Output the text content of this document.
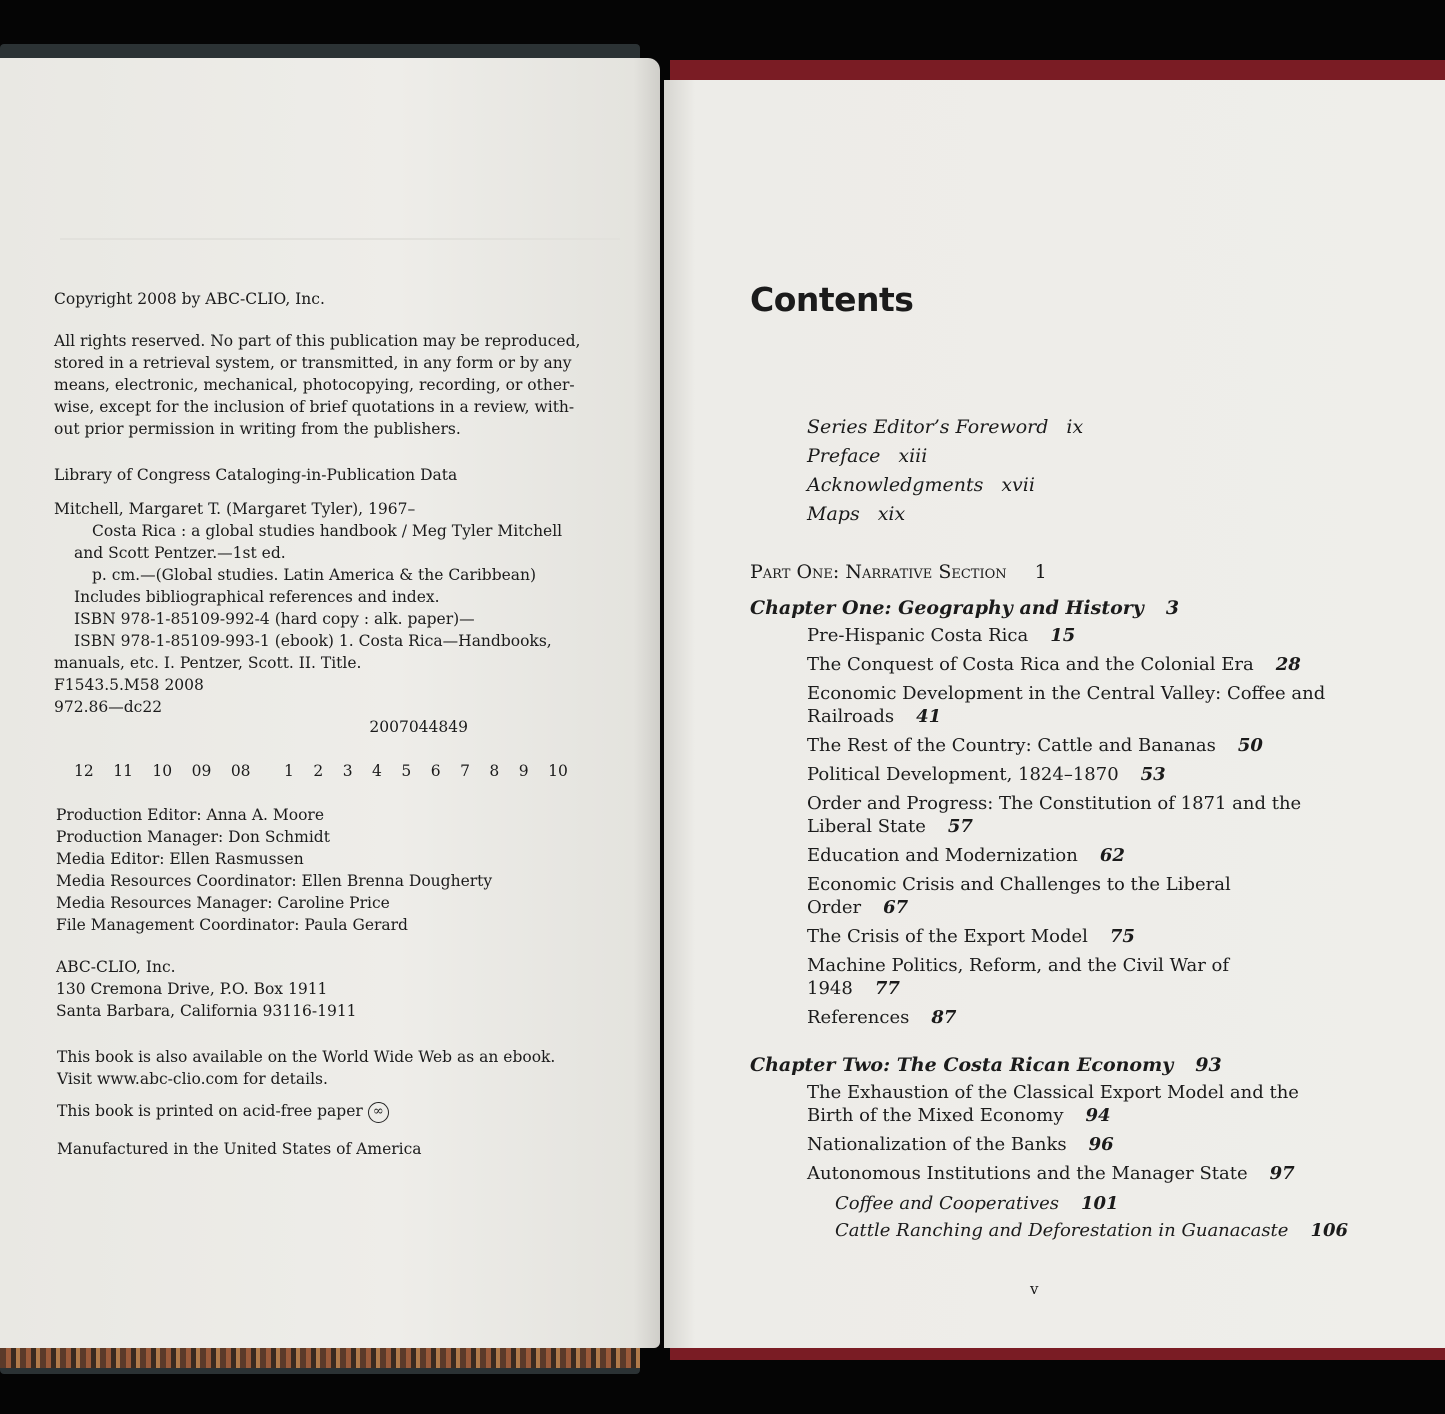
Copyright 2008 by ABC-CLIO, Inc.

All rights reserved. No part of this publication may be reproduced,

stored in a retrieval system, or transmitted, in any form or by any

means, electronic, mechanical, photocopying, recording, or other-

wise, except for the inclusion of brief quotations in a review, with-

out prior permission in writing from the publishers.

Library of Congress Cataloging-in-Publication Data

Mitchell, Margaret T. (Margaret Tyler), 1967–

Costa Rica : a global studies handbook / Meg Tyler Mitchell

and Scott Pentzer.—1st ed.

p. cm.—(Global studies. Latin America & the Caribbean)

Includes bibliographical references and index.

ISBN 978-1-85109-992-4 (hard copy : alk. paper)—

ISBN 978-1-85109-993-1 (ebook) 1. Costa Rica—Handbooks,

manuals, etc. I. Pentzer, Scott. II. Title.

F1543.5.M58 2008

972.86—dc22

2007044849

12 11 10 09 08 1 2 3 4 5 6 7 8 9 10

Production Editor: Anna A. Moore

Production Manager: Don Schmidt

Media Editor: Ellen Rasmussen

Media Resources Coordinator: Ellen Brenna Dougherty

Media Resources Manager: Caroline Price

File Management Coordinator: Paula Gerard

ABC-CLIO, Inc.

130 Cremona Drive, P.O. Box 1911

Santa Barbara, California 93116-1911

This book is also available on the World Wide Web as an ebook.

Visit www.abc-clio.com for details.

This book is printed on acid-free paper ∞

Manufactured in the United States of America

Contents
Series Editor’s Foreword ix
Preface xiii
Acknowledgments xvii
Maps xix

Part One: Narrative Section 1

Chapter One: Geography and History 3

Pre-Hispanic Costa Rica 15

The Conquest of Costa Rica and the Colonial Era 28

Economic Development in the Central Valley: Coffee and Railroads 41

The Rest of the Country: Cattle and Bananas 50

Political Development, 1824–1870 53

Order and Progress: The Constitution of 1871 and the Liberal State 57

Education and Modernization 62

Economic Crisis and Challenges to the Liberal Order 67

The Crisis of the Export Model 75

Machine Politics, Reform, and the Civil War of 1948 77

References 87

Chapter Two: The Costa Rican Economy 93

The Exhaustion of the Classical Export Model and the Birth of the Mixed Economy 94

Nationalization of the Banks 96

Autonomous Institutions and the Manager State 97

Coffee and Cooperatives 101

Cattle Ranching and Deforestation in Guanacaste 106

v
